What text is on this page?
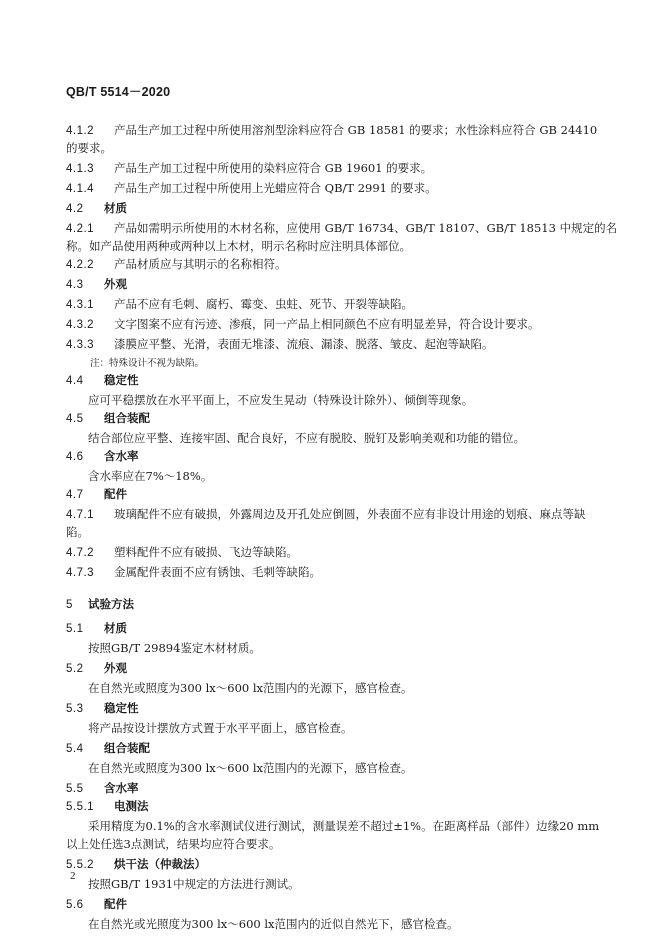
QB/T 5514－2020
4.1.2 产品生产加工过程中所使用溶剂型涂料应符合 GB 18581 的要求；水性涂料应符合 GB 24410
的要求。
4.1.3 产品生产加工过程中所使用的染料应符合 GB 19601 的要求。
4.1.4 产品生产加工过程中所使用上光蜡应符合 QB/T 2991 的要求。
4.2 材质
4.2.1 产品如需明示所使用的木材名称，应使用 GB/T 16734、GB/T 18107、GB/T 18513 中规定的名
称。如产品使用两种或两种以上木材，明示名称时应注明具体部位。
4.2.2 产品材质应与其明示的名称相符。
4.3 外观
4.3.1 产品不应有毛刺、腐朽、霉变、虫蛀、死节、开裂等缺陷。
4.3.2 文字图案不应有污迹、渗痕，同一产品上相同颜色不应有明显差异，符合设计要求。
4.3.3 漆膜应平整、光滑，表面无堆漆、流痕、漏漆、脱落、皱皮、起泡等缺陷。
注：特殊设计不视为缺陷。
4.4 稳定性
应可平稳摆放在水平平面上，不应发生晃动（特殊设计除外）、倾倒等现象。
4.5 组合装配
结合部位应平整、连接牢固、配合良好，不应有脱胶、脱钉及影响美观和功能的错位。
4.6 含水率
含水率应在7%～18%。
4.7 配件
4.7.1 玻璃配件不应有破损，外露周边及开孔处应倒圆，外表面不应有非设计用途的划痕、麻点等缺
陷。
4.7.2 塑料配件不应有破损、飞边等缺陷。
4.7.3 金属配件表面不应有锈蚀、毛刺等缺陷。
5 试验方法
5.1 材质
按照GB/T 29894鉴定木材材质。
5.2 外观
在自然光或照度为300 lx～600 lx范围内的光源下，感官检查。
5.3 稳定性
将产品按设计摆放方式置于水平平面上，感官检查。
5.4 组合装配
在自然光或照度为300 lx～600 lx范围内的光源下，感官检查。
5.5 含水率
5.5.1 电测法
采用精度为0.1%的含水率测试仪进行测试，测量误差不超过±1%。在距离样品（部件）边缘20 mm
以上处任选3点测试，结果均应符合要求。
5.5.2 烘干法（仲裁法）
按照GB/T 1931中规定的方法进行测试。
5.6 配件
在自然光或光照度为300 lx～600 lx范围内的近似自然光下，感官检查。
2
